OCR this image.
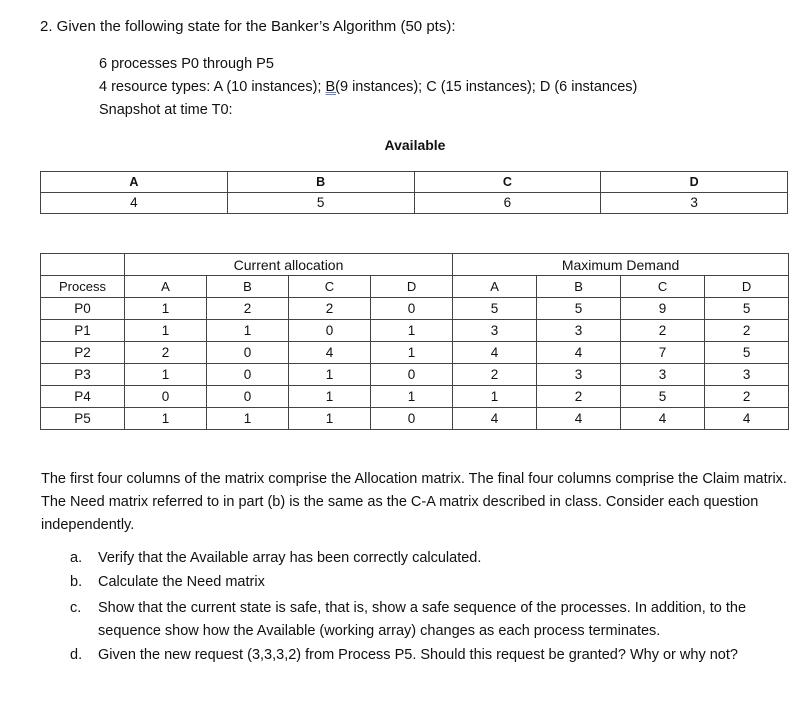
2. Given the following state for the Banker’s Algorithm (50 pts):
6 processes P0 through P5
4 resource types: A (10 instances); B(9 instances); C (15 instances); D (6 instances)
Snapshot at time T0:
Available
A	B	C	D
4	5	6	3
	Current allocation				Maximum Demand			
Process	A	B	C	D	A	B	C	D
P0	1	2	2	0	5	5	9	5
P1	1	1	0	1	3	3	2	2
P2	2	0	4	1	4	4	7	5
P3	1	0	1	0	2	3	3	3
P4	0	0	1	1	1	2	5	2
P5	1	1	1	0	4	4	4	4
The first four columns of the matrix comprise the Allocation matrix. The final four columns comprise the Claim matrix. The Need matrix referred to in part (b) is the same as the C-A matrix described in class. Consider each question independently.
a. Verify that the Available array has been correctly calculated.
b. Calculate the Need matrix
c. Show that the current state is safe, that is, show a safe sequence of the processes. In addition, to the sequence show how the Available (working array) changes as each process terminates.
d. Given the new request (3,3,3,2) from Process P5. Should this request be granted? Why or why not?
